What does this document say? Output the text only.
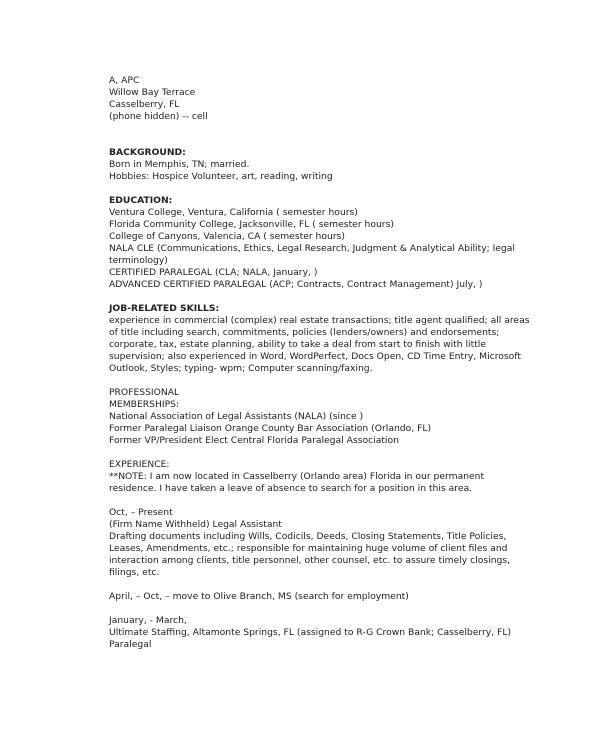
A, APC
Willow Bay Terrace
Casselberry, FL
(phone hidden) -- cell
BACKGROUND:
Born in Memphis, TN; married.
Hobbies: Hospice Volunteer, art, reading, writing
EDUCATION:
Ventura College, Ventura, California ( semester hours)
Florida Community College, Jacksonville, FL ( semester hours)
College of Canyons, Valencia, CA ( semester hours)
NALA CLE (Communications, Ethics, Legal Research, Judgment & Analytical Ability; legal
terminology)
CERTIFIED PARALEGAL (CLA; NALA, January, )
ADVANCED CERTIFIED PARALEGAL (ACP; Contracts, Contract Management) July, )
JOB-RELATED SKILLS:
experience in commercial (complex) real estate transactions; title agent qualified; all areas
of title including search, commitments, policies (lenders/owners) and endorsements;
corporate, tax, estate planning, ability to take a deal from start to finish with little
supervision; also experienced in Word, WordPerfect, Docs Open, CD Time Entry, Microsoft
Outlook, Styles; typing- wpm; Computer scanning/faxing.
PROFESSIONAL
MEMBERSHIPS:
National Association of Legal Assistants (NALA) (since )
Former Paralegal Liaison Orange County Bar Association (Orlando, FL)
Former VP/President Elect Central Florida Paralegal Association
EXPERIENCE:
**NOTE: I am now located in Casselberry (Orlando area) Florida in our permanent
residence. I have taken a leave of absence to search for a position in this area.
Oct, – Present
(Firm Name Withheld) Legal Assistant
Drafting documents including Wills, Codicils, Deeds, Closing Statements, Title Policies,
Leases, Amendments, etc.; responsible for maintaining huge volume of client files and
interaction among clients, title personnel, other counsel, etc. to assure timely closings,
filings, etc.
April, – Oct, – move to Olive Branch, MS (search for employment)
January, - March,
Ultimate Staffing, Altamonte Springs, FL (assigned to R-G Crown Bank; Casselberry, FL)
Paralegal
